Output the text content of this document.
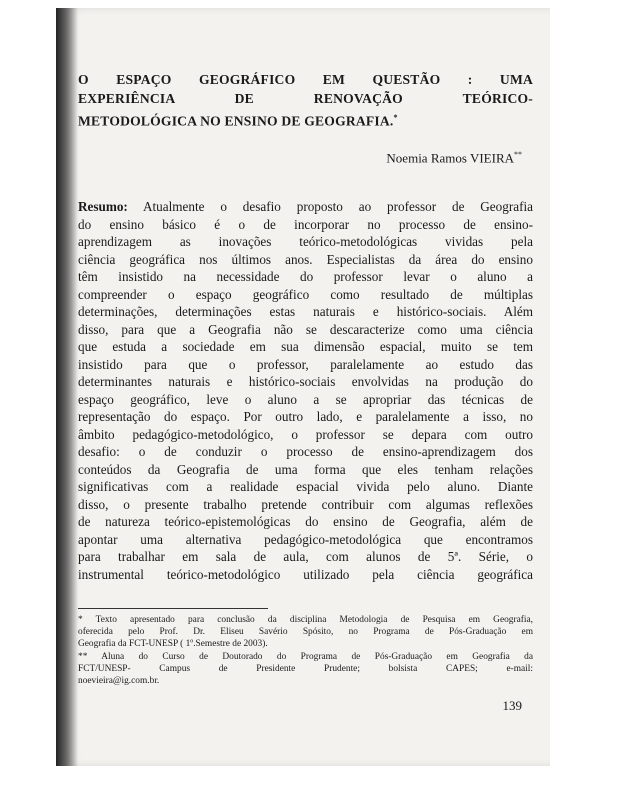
O ESPAÇO GEOGRÁFICO EM QUESTÃO : UMA
EXPERIÊNCIA DE RENOVAÇÃO TEÓRICO-
METODOLÓGICA NO ENSINO DE GEOGRAFIA.*
Noemia Ramos VIEIRA**
Resumo: Atualmente o desafio proposto ao professor de Geografia
do ensino básico é o de incorporar no processo de ensino-
aprendizagem as inovações teórico-metodológicas vividas pela
ciência geográfica nos últimos anos. Especialistas da área do ensino
têm insistido na necessidade do professor levar o aluno a
compreender o espaço geográfico como resultado de múltiplas
determinações, determinações estas naturais e histórico-sociais. Além
disso, para que a Geografia não se descaracterize como uma ciência
que estuda a sociedade em sua dimensão espacial, muito se tem
insistido para que o professor, paralelamente ao estudo das
determinantes naturais e histórico-sociais envolvidas na produção do
espaço geográfico, leve o aluno a se apropriar das técnicas de
representação do espaço. Por outro lado, e paralelamente a isso, no
âmbito pedagógico-metodológico, o professor se depara com outro
desafio: o de conduzir o processo de ensino-aprendizagem dos
conteúdos da Geografia de uma forma que eles tenham relações
significativas com a realidade espacial vivida pelo aluno. Diante
disso, o presente trabalho pretende contribuir com algumas reflexões
de natureza teórico-epistemológicas do ensino de Geografia, além de
apontar uma alternativa pedagógico-metodológica que encontramos
para trabalhar em sala de aula, com alunos de 5ª. Série, o
instrumental teórico-metodológico utilizado pela ciência geográfica
* Texto apresentado para conclusão da disciplina Metodologia de Pesquisa em Geografia,
oferecida pelo Prof. Dr. Eliseu Savério Spósito, no Programa de Pós-Graduação em
Geografia da FCT-UNESP ( 1º.Semestre de 2003).
** Aluna do Curso de Doutorado do Programa de Pós-Graduação em Geografia da
FCT/UNESP- Campus de Presidente Prudente; bolsista CAPES; e-mail:
noevieira@ig.com.br.
139
